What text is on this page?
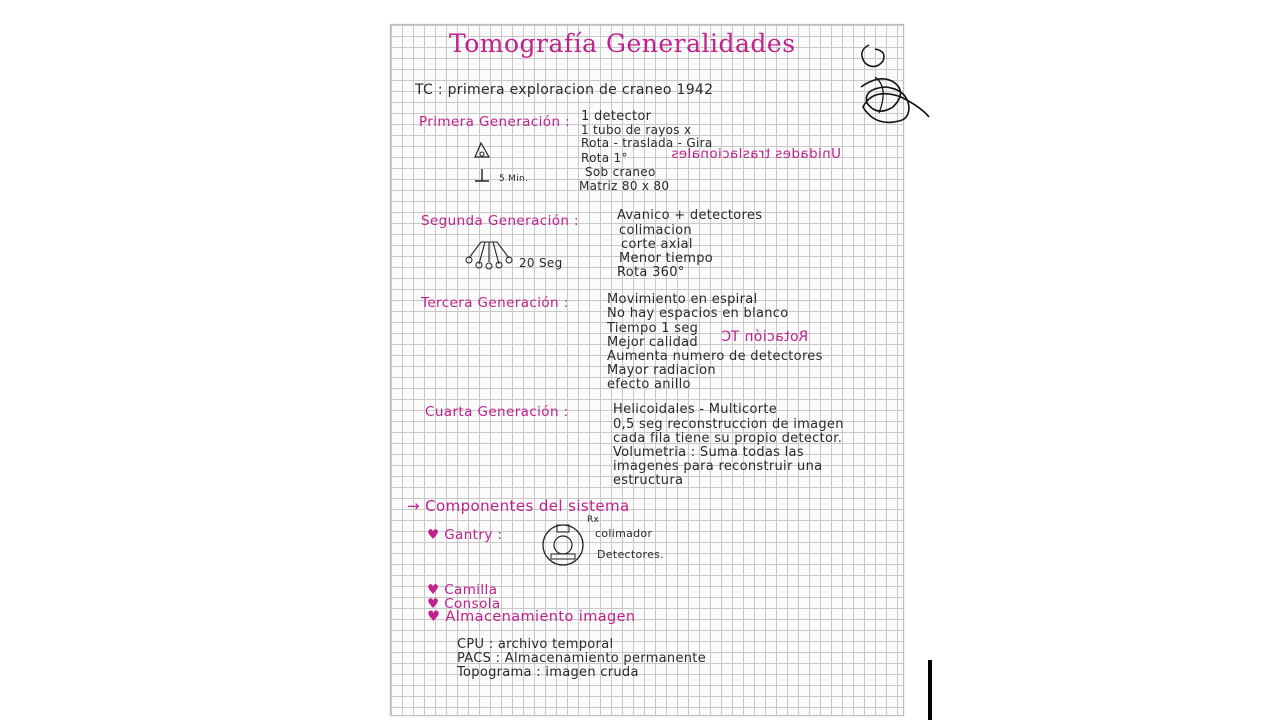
Tomografía Generalidades
TC : primera exploracion de craneo 1942
Primera Generación : 1 detector
1 tubo de rayos x
Rota - traslada - Gira
Rota 1°
Sob craneo
Matriz 80 x 80
Unidades traslacionales
5 Min.
Segunda Generación :	Avanico + detectores
colimacion
corte axial
Menor tiempo
Rota 360°
20 Seg
Tercera Generación :	Movimiento en espiral
No hay espacios en blanco
Tiempo 1 seg
Mejor calidad
Aumenta numero de detectores
Mayor radiacion
efecto anillo
Rotación TC
Cuarta Generación :	Helicoidales - Multicorte
0,5 seg reconstruccion de imagen
cada fila tiene su propio detector.
Volumetria : Suma todas las
imagenes para reconstruir una
estructura
→ Componentes del sistema
♥ Gantry :
Rx
colimador
Detectores.
♥ Camilla
♥ Consola
♥ Almacenamiento imagen
CPU : archivo temporal
PACS : Almacenamiento permanente
Topograma : imagen cruda
